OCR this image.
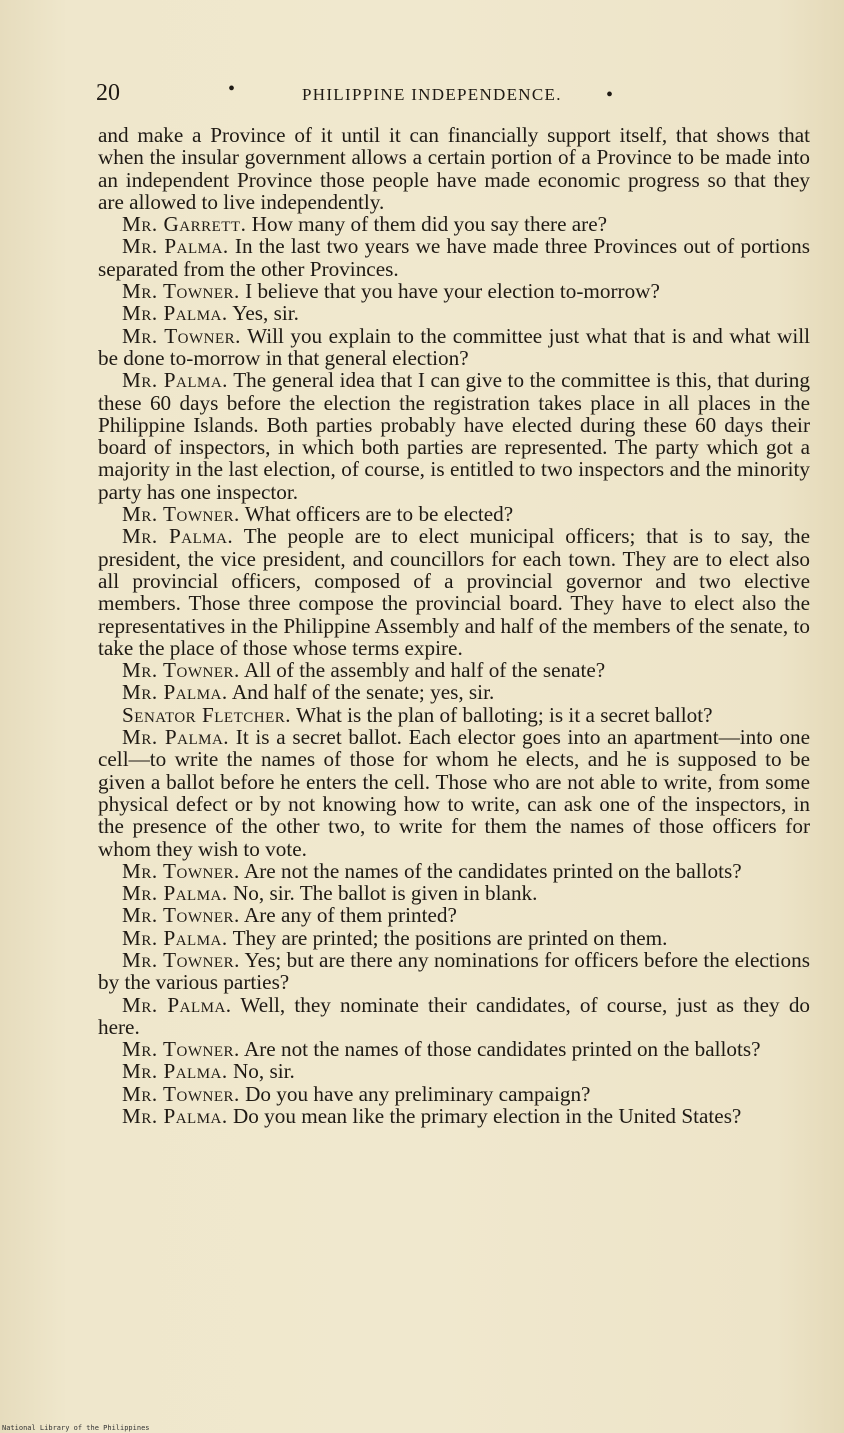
20	•	PHILIPPINE INDEPENDENCE. •

and make a Province of it until it can financially support itself, that shows that when the insular government allows a certain portion of a Province to be made into an independent Province those people have made economic progress so that they are allowed to live independently.

Mr. Garrett. How many of them did you say there are?

Mr. Palma. In the last two years we have made three Provinces out of portions separated from the other Provinces.

Mr. Towner. I believe that you have your election to-morrow?

Mr. Palma. Yes, sir.

Mr. Towner. Will you explain to the committee just what that is and what will be done to-morrow in that general election?

Mr. Palma. The general idea that I can give to the committee is this, that during these 60 days before the election the registration takes place in all places in the Philippine Islands. Both parties probably have elected during these 60 days their board of inspectors, in which both parties are represented. The party which got a majority in the last election, of course, is entitled to two inspectors and the minority party has one inspector.

Mr. Towner. What officers are to be elected?

Mr. Palma. The people are to elect municipal officers; that is to say, the president, the vice president, and councillors for each town. They are to elect also all provincial officers, composed of a provincial governor and two elective members. Those three compose the provincial board. They have to elect also the representatives in the Philippine Assembly and half of the members of the senate, to take the place of those whose terms expire.

Mr. Towner. All of the assembly and half of the senate?

Mr. Palma. And half of the senate; yes, sir.

Senator Fletcher. What is the plan of balloting; is it a secret ballot?

Mr. Palma. It is a secret ballot. Each elector goes into an apartment—into one cell—to write the names of those for whom he elects, and he is supposed to be given a ballot before he enters the cell. Those who are not able to write, from some physical defect or by not knowing how to write, can ask one of the inspectors, in the presence of the other two, to write for them the names of those officers for whom they wish to vote.

Mr. Towner. Are not the names of the candidates printed on the ballots?

Mr. Palma. No, sir. The ballot is given in blank.

Mr. Towner. Are any of them printed?

Mr. Palma. They are printed; the positions are printed on them.

Mr. Towner. Yes; but are there any nominations for officers before the elections by the various parties?

Mr. Palma. Well, they nominate their candidates, of course, just as they do here.

Mr. Towner. Are not the names of those candidates printed on the ballots?

Mr. Palma. No, sir.

Mr. Towner. Do you have any preliminary campaign?

Mr. Palma. Do you mean like the primary election in the United States?

National Library of the Philippines
